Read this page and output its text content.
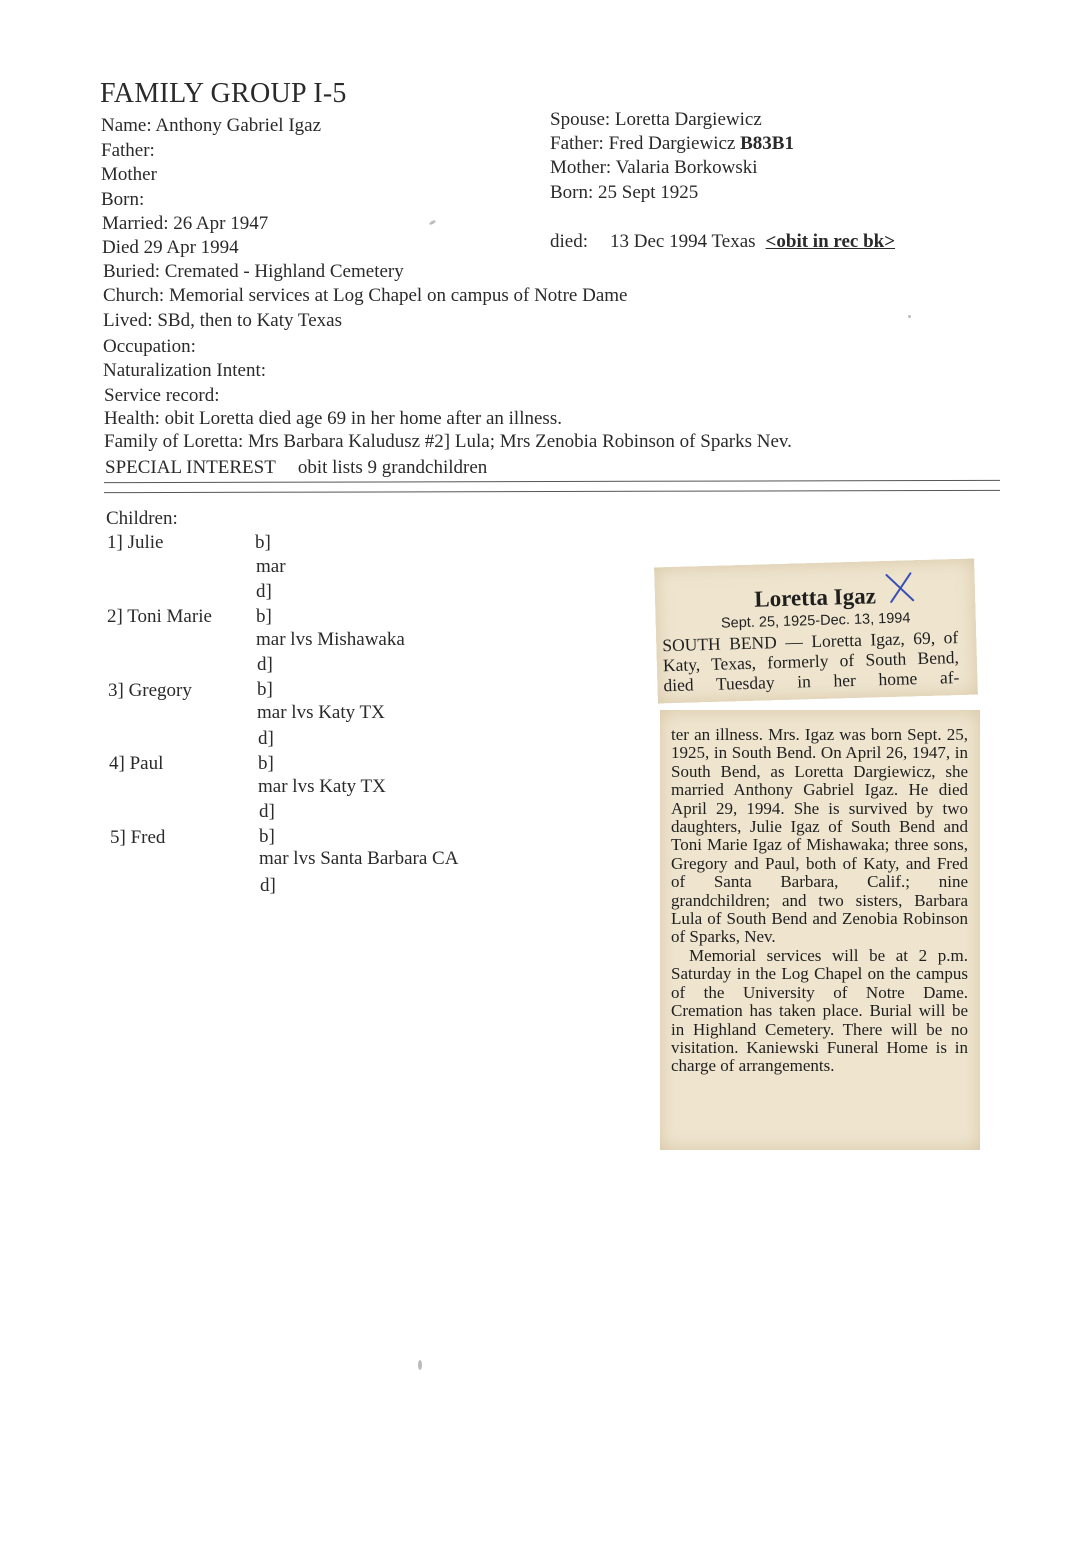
FAMILY GROUP I-5
Name: Anthony Gabriel Igaz
Father:
Mother
Born:
Married: 26 Apr 1947
Died 29 Apr 1994
Spouse: Loretta Dargiewicz
Father: Fred Dargiewicz B83B1
Mother: Valaria Borkowski
Born: 25 Sept 1925
died: 13 Dec 1994 Texas <obit in rec bk>
Buried: Cremated - Highland Cemetery
Church: Memorial services at Log Chapel on campus of Notre Dame
Lived: SBd, then to Katy Texas
Occupation:
Naturalization Intent:
Service record:
Health: obit Loretta died age 69 in her home after an illness.
Family of Loretta: Mrs Barbara Kaludusz #2] Lula; Mrs Zenobia Robinson of Sparks Nev.
SPECIAL INTEREST obit lists 9 grandchildren
Children:
1] Julie	b]
mar
d]
2] Toni Marie b]
mar lvs Mishawaka
d]
3] Gregory	b]
mar lvs Katy TX
d]
4] Paul	b]
mar lvs Katy TX
d]
5] Fred	b]
mar lvs Santa Barbara CA
d]
Loretta Igaz
Sept. 25, 1925-Dec. 13, 1994
SOUTH BEND — Loretta Igaz, 69, of Katy, Texas, formerly of South Bend, died Tuesday in her home af-

ter an illness. Mrs. Igaz was born Sept. 25, 1925, in South Bend. On April 26, 1947, in South Bend, as Loretta Dargiewicz, she married Anthony Gabriel Igaz. He died April 29, 1994. She is survived by two daughters, Julie Igaz of South Bend and Toni Marie Igaz of Mishawaka; three sons, Gregory and Paul, both of Katy, and Fred of Santa Barbara, Calif.; nine grandchildren; and two sisters, Barbara Lula of South Bend and Zenobia Robinson of Sparks, Nev.

Memorial services will be at 2 p.m. Saturday in the Log Chapel on the campus of the University of Notre Dame. Cremation has taken place. Burial will be in Highland Cemetery. There will be no visitation. Kaniewski Funeral Home is in charge of arrangements.
